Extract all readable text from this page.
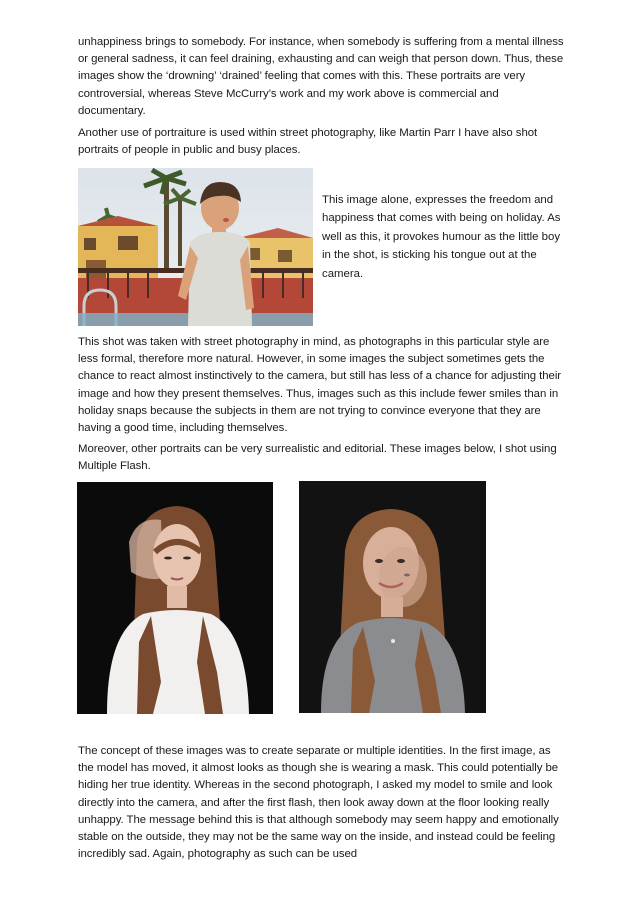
unhappiness brings to somebody. For instance, when somebody is suffering from a mental illness or general sadness, it can feel draining, exhausting and can weigh that person down. Thus, these images show the ‘drowning’ ‘drained’ feeling that comes with this. These portraits are very controversial, whereas Steve McCurry’s work and my work above is commercial and documentary.

Another use of portraiture is used within street photography, like Martin Parr I have also shot portraits of people in public and busy places.

This image alone, expresses the freedom and happiness that comes with being on holiday. As well as this, it provokes humour as the little boy in the shot, is sticking his tongue out at the camera.

This shot was taken with street photography in mind, as photographs in this particular style are less formal, therefore more natural. However, in some images the subject sometimes gets the chance to react almost instinctively to the camera, but still has less of a chance for adjusting their image and how they present themselves. Thus, images such as this include fewer smiles than in holiday snaps because the subjects in them are not trying to convince everyone that they are having a good time, including themselves.

Moreover, other portraits can be very surrealistic and editorial. These images below, I shot using Multiple Flash.

The concept of these images was to create separate or multiple identities. In the first image, as the model has moved, it almost looks as though she is wearing a mask. This could potentially be hiding her true identity. Whereas in the second photograph, I asked my model to smile and look directly into the camera, and after the first flash, then look away down at the floor looking really unhappy. The message behind this is that although somebody may seem happy and emotionally stable on the outside, they may not be the same way on the inside, and instead could be feeling incredibly sad. Again, photography as such can be used
